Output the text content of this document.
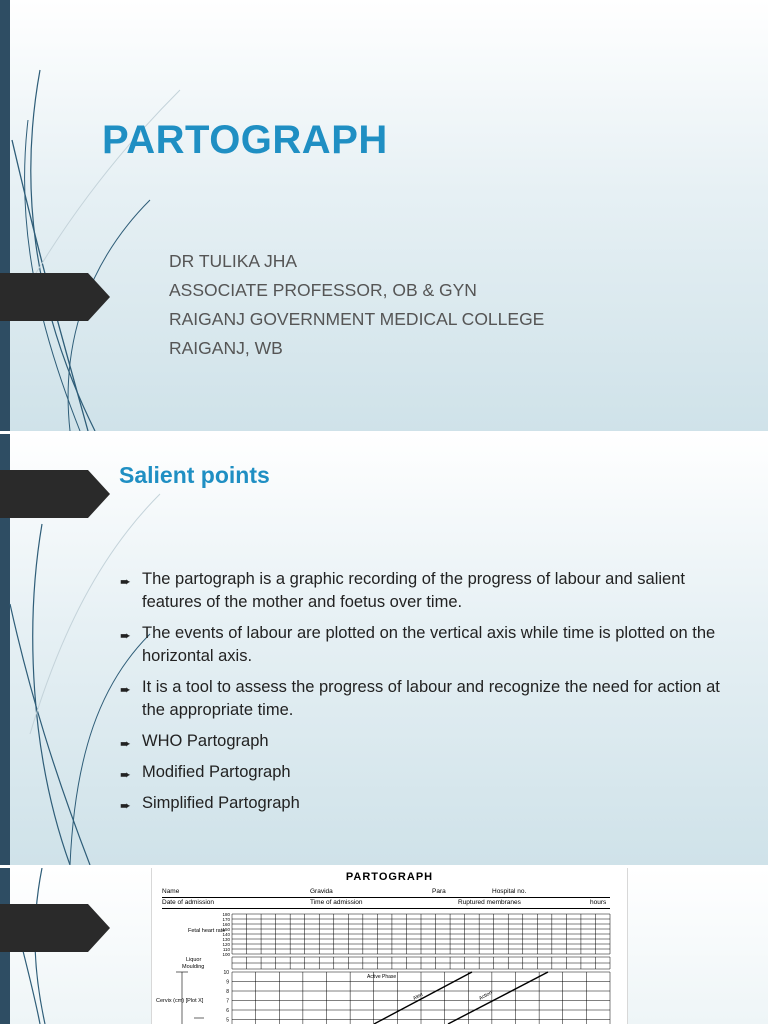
PARTOGRAPH
DR TULIKA JHA
ASSOCIATE PROFESSOR, OB & GYN
RAIGANJ GOVERNMENT MEDICAL COLLEGE
RAIGANJ, WB
Salient points
➨ The partograph is a graphic recording of the progress of labour and salient features of the mother and foetus over time.
➨ The events of labour are plotted on the vertical axis while time is plotted on the horizontal axis.
➨ It is a tool to assess the progress of labour and recognize the need for action at the appropriate time.
➨ WHO Partograph
➨ Modified Partograph
➨ Simplified Partograph
PARTOGRAPH
Name	Gravida	Para	Hospital no.
Date of admission	Time of admission	Ruptured membranes	hours
Fetal heart rate
Liquor
Moulding
Cervix (cm) [Plot X]
180
170
160
150
140
130
120
110
100
10
9
8
7
6
5
Active Phase
Alert	Action
